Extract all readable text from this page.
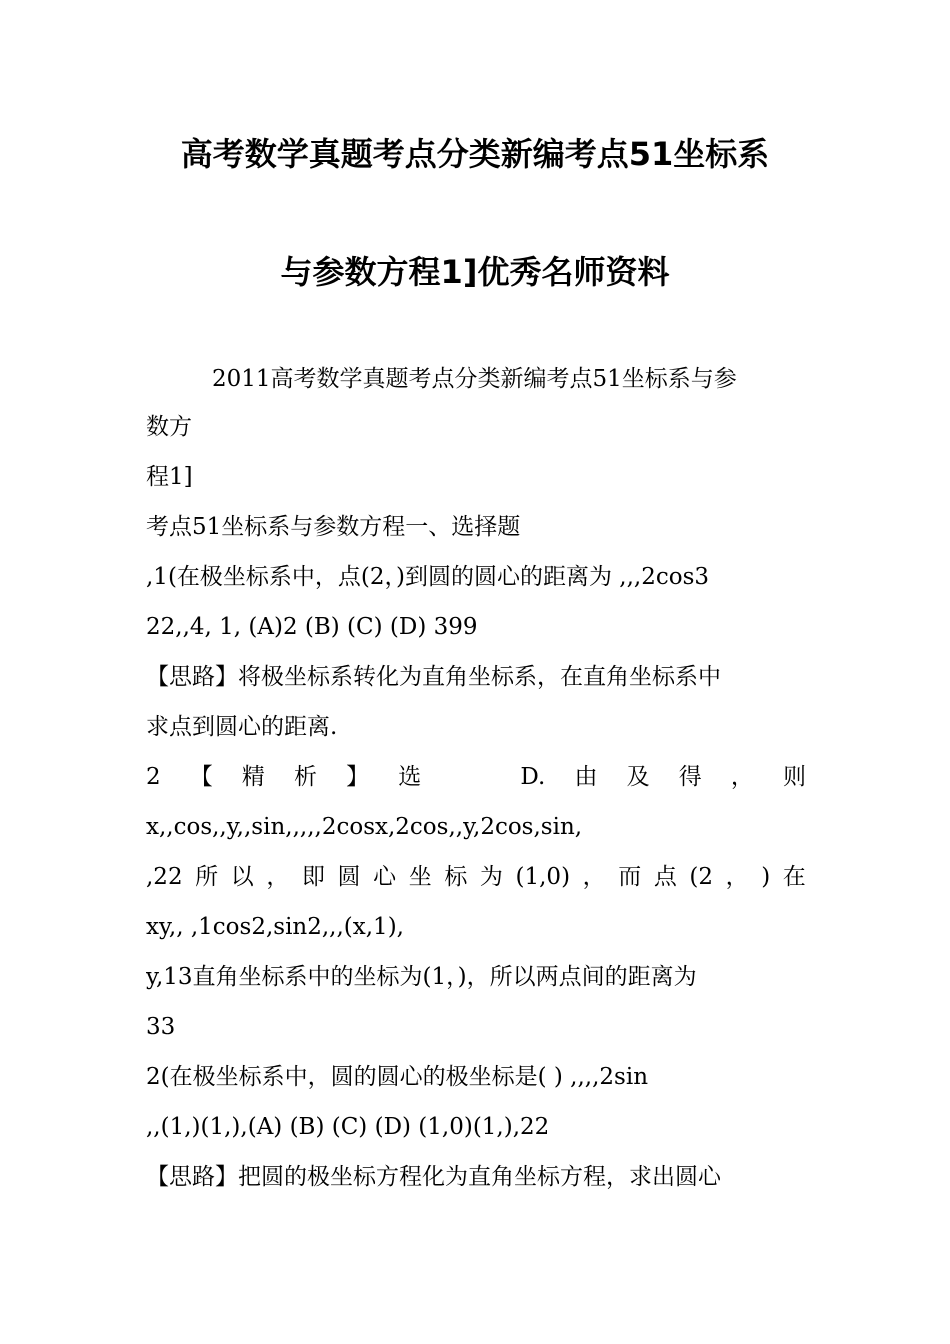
高考数学真题考点分类新编考点51坐标系
与参数方程1]优秀名师资料
2011高考数学真题考点分类新编考点51坐标系与参
数方
程1]
考点51坐标系与参数方程一、选择题
,1(在极坐标系中，点(2，)到圆的圆心的距离为 ,,,2cos3
22,,4, 1, (A)2 (B) (C) (D) 399
【思路】将极坐标系转化为直角坐标系，在直角坐标系中
求点到圆心的距离.
2 【 精 析 】 选	D. 由 及 得 ， 则
x,,cos,,y,,sin,,,,,2cosx,2cos,,y,2cos,sin,
,22 所 以 ， 即 圆 心 坐 标 为 (1,0) ， 而 点 (2 ， ) 在
xy,, ,1cos2,sin2,,,(x,1),
y,13直角坐标系中的坐标为(1，)，所以两点间的距离为
33
2(在极坐标系中，圆的圆心的极坐标是( ) ,,,,2sin
,,(1,)(1,),(A) (B) (C) (D) (1,0)(1,),22
【思路】把圆的极坐标方程化为直角坐标方程，求出圆心
